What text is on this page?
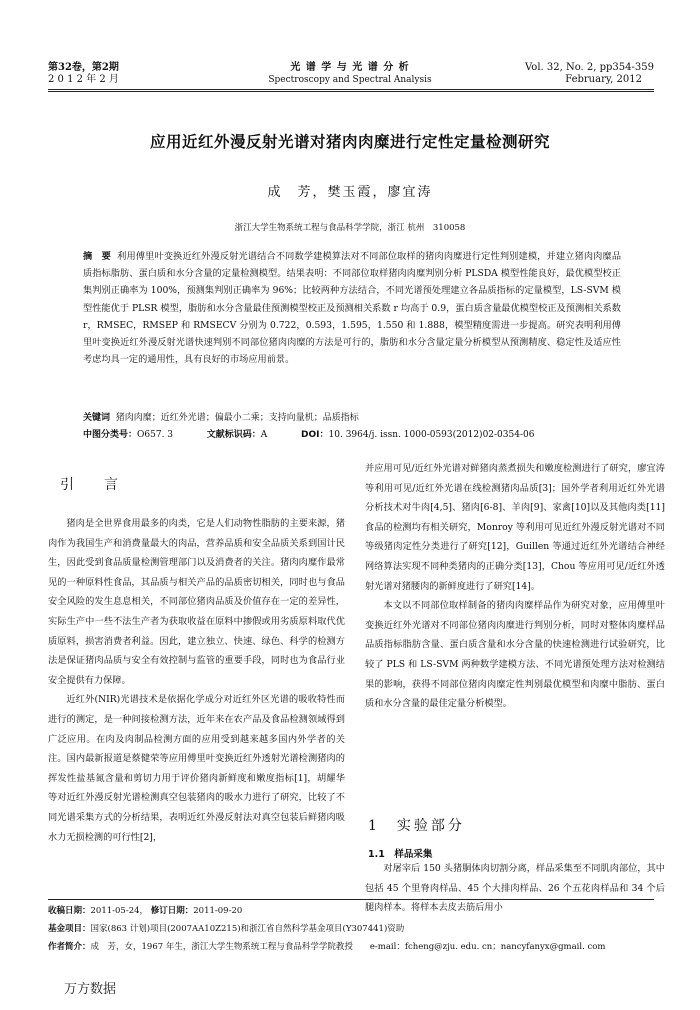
第32卷，第2期
2 0 1 2 年 2 月
光 谱 学 与 光 谱 分 析
Spectroscopy and Spectral Analysis
Vol. 32, No. 2, pp354-359
February, 2012
应用近红外漫反射光谱对猪肉肉糜进行定性定量检测研究
成　芳，樊玉霞，廖宜涛
浙江大学生物系统工程与食品科学学院，浙江 杭州　310058
摘　要 利用傅里叶变换近红外漫反射光谱结合不同数学建模算法对不同部位取样的猪肉肉糜进行定性判别建模，并建立猪肉肉糜品质指标脂肪、蛋白质和水分含量的定量检测模型。结果表明：不同部位取样猪肉肉糜判别分析 PLSDA 模型性能良好，最优模型校正集判别正确率为 100%，预测集判别正确率为 96%；比较两种方法结合，不同光谱预处理建立各品质指标的定量模型，LS-SVM 模型性能优于 PLSR 模型，脂肪和水分含量最佳预测模型校正及预测相关系数 r 均高于 0.9，蛋白质含量最优模型校正及预测相关系数 r，RMSEC，RMSEP 和 RMSECV 分别为 0.722，0.593，1.595，1.550 和 1.888，模型精度需进一步提高。研究表明利用傅里叶变换近红外漫反射光谱快速判别不同部位猪肉肉糜的方法是可行的，脂肪和水分含量定量分析模型从预测精度、稳定性及适应性考虑均具一定的通用性，具有良好的市场应用前景。
关键词 猪肉肉糜；近红外光谱；偏最小二乘；支持向量机；品质指标
中图分类号：O657. 3	文献标识码：A	DOI：10. 3964/j. issn. 1000-0593(2012)02-0354-06
引　言

猪肉是全世界食用最多的肉类，它是人们动物性脂肪的主要来源，猪肉作为我国生产和消费量最大的肉品，营养品质和安全品质关系到国计民生，因此受到食品质量检测管理部门以及消费者的关注。猪肉肉糜作最常见的一种原料性食品，其品质与相关产品的品质密切相关，同时也与食品安全风险的发生息息相关，不同部位猪肉品质及价值存在一定的差异性，实际生产中一些不法生产者为获取收益在原料中掺假或用劣质原料取代优质原料，损害消费者利益。因此，建立独立、快速、绿色、科学的检测方法是保证猪肉品质与安全有效控制与监管的重要手段，同时也为食品行业安全提供有力保障。

近红外(NIR)光谱技术是依据化学成分对近红外区光谱的吸收特性而进行的测定，是一种间接检测方法，近年来在农产品及食品检测领域得到广泛应用。在肉及肉制品检测方面的应用受到越来越多国内外学者的关注。国内最新报道是蔡健荣等应用傅里叶变换近红外透射光谱检测猪肉的挥发性盐基氮含量和剪切力用于评价猪肉新鲜度和嫩度指标[1]，胡耀华等对近红外漫反射光谱检测真空包装猪肉的吸水力进行了研究，比较了不同光谱采集方式的分析结果，表明近红外漫反射法对真空包装后鲜猪肉吸水力无损检测的可行性[2]，

并应用可见/近红外光谱对鲜猪肉蒸煮损失和嫩度检测进行了研究，廖宜涛等利用可见/近红外光谱在线检测猪肉品质[3]；国外学者利用近红外光谱分析技术对牛肉[4,5]、猪肉[6-8]、羊肉[9]、家禽[10]以及其他肉类[11]食品的检测均有相关研究，Monroy 等利用可见近红外漫反射光谱对不同等级猪肉定性分类进行了研究[12]，Guillen 等通过近红外光谱结合神经网络算法实现不同种类猪肉的正确分类[13]，Chou 等应用可见/近红外透射光谱对猪腰肉的新鲜度进行了研究[14]。

本文以不同部位取样制备的猪肉肉糜样品作为研究对象，应用傅里叶变换近红外光谱对不同部位猪肉肉糜进行判别分析，同时对整体肉糜样品品质指标脂肪含量、蛋白质含量和水分含量的快速检测进行试验研究，比较了 PLS 和 LS-SVM 两种数学建模方法、不同光谱预处理方法对检测结果的影响，获得不同部位猪肉肉糜定性判别最优模型和肉糜中脂肪、蛋白质和水分含量的最佳定量分析模型。

1　实验部分
1.1　样品采集

对屠宰后 150 头猪胴体肉切割分离，样品采集至不同肌肉部位，其中包括 45 个里脊肉样品、45 个大排肉样品、26 个五花肉样品和 34 个后腿肉样本。将样本去皮去筋后用小

收稿日期：2011-05-24， 修订日期：2011-09-20
基金项目：国家(863 计划)项目(2007AA10Z215)和浙江省自然科学基金项目(Y307441)资助
作者简介：成　芳，女，1967 年生，浙江大学生物系统工程与食品科学学院教授　　e-mail：fcheng@zju. edu. cn；nancyfanyx@gmail. com
万方数据
